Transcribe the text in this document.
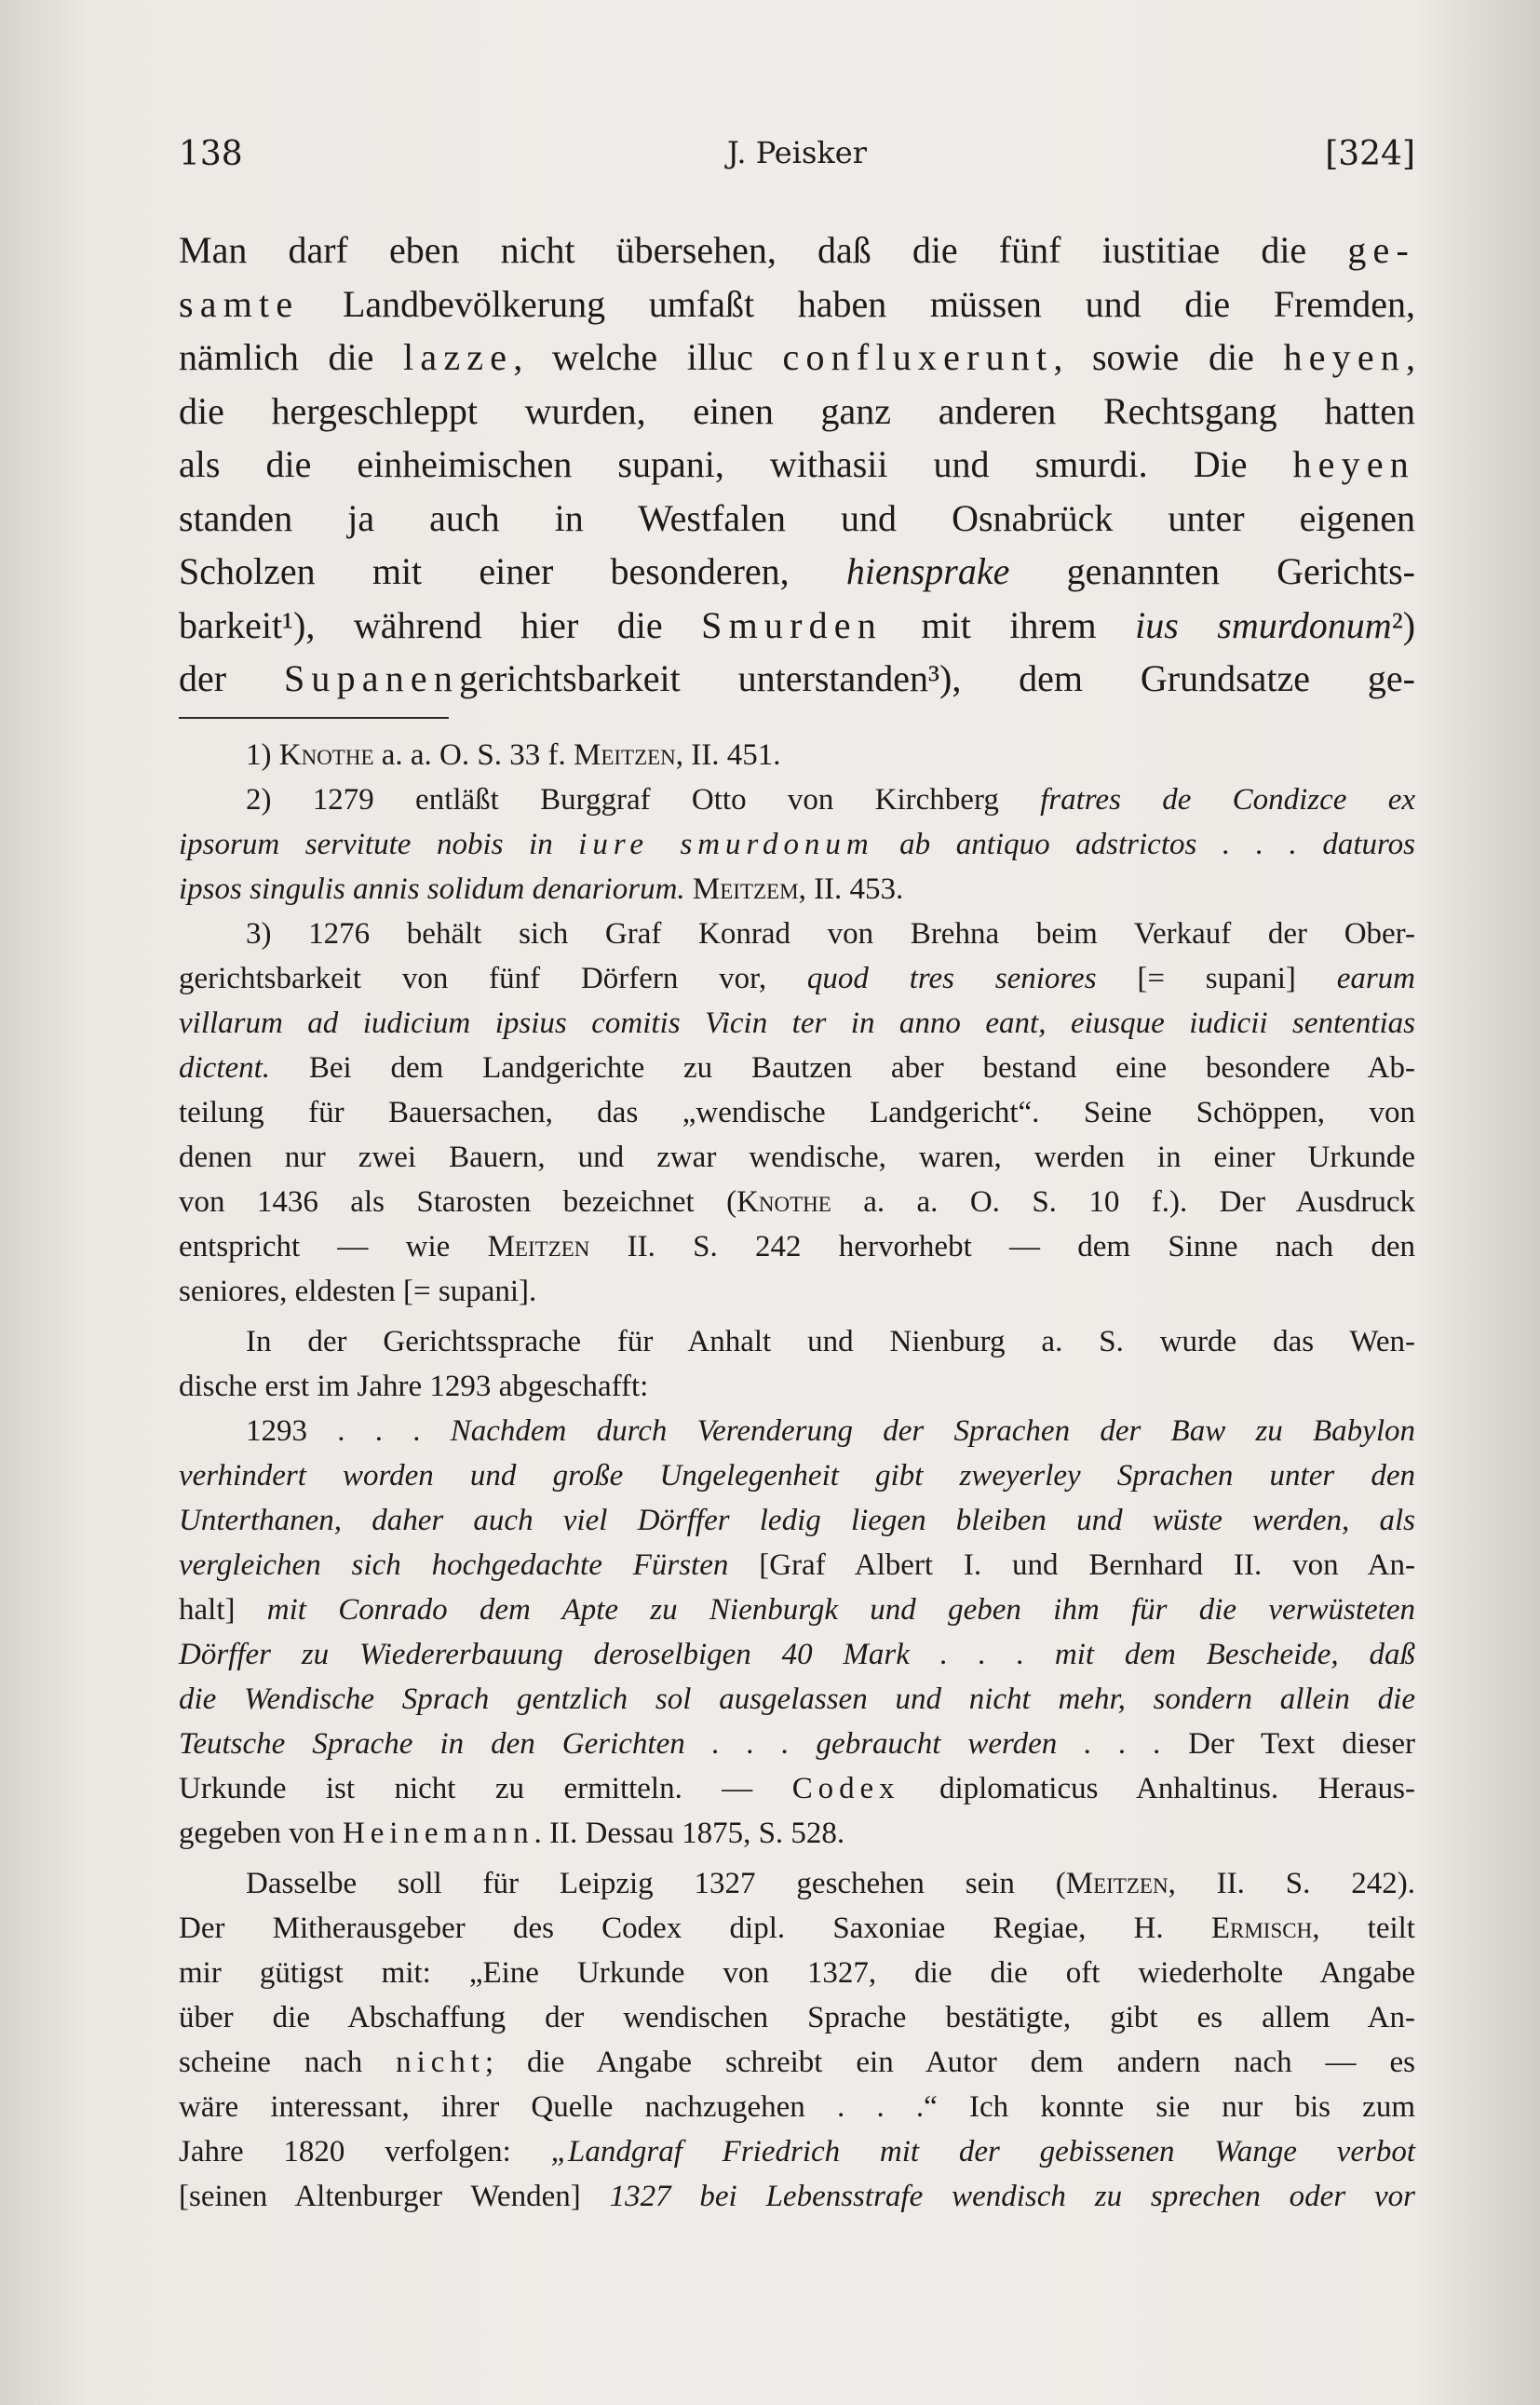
138	J. Peisker	[324]
Man darf eben nicht übersehen, daß die fünf iustitiae die ge-
samte Landbevölkerung umfaßt haben müssen und die Fremden,
nämlich die lazze, welche illuc confluxerunt, sowie die heyen,
die hergeschleppt wurden, einen ganz anderen Rechtsgang hatten
als die einheimischen supani, withasii und smurdi. Die heyen
standen ja auch in Westfalen und Osnabrück unter eigenen
Scholzen mit einer besonderen, hiensprake genannten Gerichts-
barkeit¹), während hier die Smurden mit ihrem ius smurdonum²)
der Supanengerichtsbarkeit unterstanden³), dem Grundsatze ge-
1) Knothe a. a. O. S. 33 f. Meitzen, II. 451.
2) 1279 entläßt Burggraf Otto von Kirchberg fratres de Condizce ex
ipsorum servitute nobis in iure smurdonum ab antiquo adstrictos . . . daturos
ipsos singulis annis solidum denariorum. Meitzem, II. 453.
3) 1276 behält sich Graf Konrad von Brehna beim Verkauf der Ober-
gerichtsbarkeit von fünf Dörfern vor, quod tres seniores [= supani] earum
villarum ad iudicium ipsius comitis Vicin ter in anno eant, eiusque iudicii sententias
dictent. Bei dem Landgerichte zu Bautzen aber bestand eine besondere Ab-
teilung für Bauersachen, das „wendische Landgericht“. Seine Schöppen, von
denen nur zwei Bauern, und zwar wendische, waren, werden in einer Urkunde
von 1436 als Starosten bezeichnet (Knothe a. a. O. S. 10 f.). Der Ausdruck
entspricht — wie Meitzen II. S. 242 hervorhebt — dem Sinne nach den
seniores, eldesten [= supani].
In der Gerichtssprache für Anhalt und Nienburg a. S. wurde das Wen-
dische erst im Jahre 1293 abgeschafft:
1293 . . . Nachdem durch Verenderung der Sprachen der Baw zu Babylon
verhindert worden und große Ungelegenheit gibt zweyerley Sprachen unter den
Unterthanen, daher auch viel Dörffer ledig liegen bleiben und wüste werden, als
vergleichen sich hochgedachte Fürsten [Graf Albert I. und Bernhard II. von An-
halt] mit Conrado dem Apte zu Nienburgk und geben ihm für die verwüsteten
Dörffer zu Wiedererbauung deroselbigen 40 Mark . . . mit dem Bescheide, daß
die Wendische Sprach gentzlich sol ausgelassen und nicht mehr, sondern allein die
Teutsche Sprache in den Gerichten . . . gebraucht werden . . . Der Text dieser
Urkunde ist nicht zu ermitteln. — Codex diplomaticus Anhaltinus. Heraus-
gegeben von Heinemann. II. Dessau 1875, S. 528.
Dasselbe soll für Leipzig 1327 geschehen sein (Meitzen, II. S. 242).
Der Mitherausgeber des Codex dipl. Saxoniae Regiae, H. Ermisch, teilt
mir gütigst mit: „Eine Urkunde von 1327, die die oft wiederholte Angabe
über die Abschaffung der wendischen Sprache bestätigte, gibt es allem An-
scheine nach nicht; die Angabe schreibt ein Autor dem andern nach — es
wäre interessant, ihrer Quelle nachzugehen . . .“ Ich konnte sie nur bis zum
Jahre 1820 verfolgen: „Landgraf Friedrich mit der gebissenen Wange verbot
[seinen Altenburger Wenden] 1327 bei Lebensstrafe wendisch zu sprechen oder vor
